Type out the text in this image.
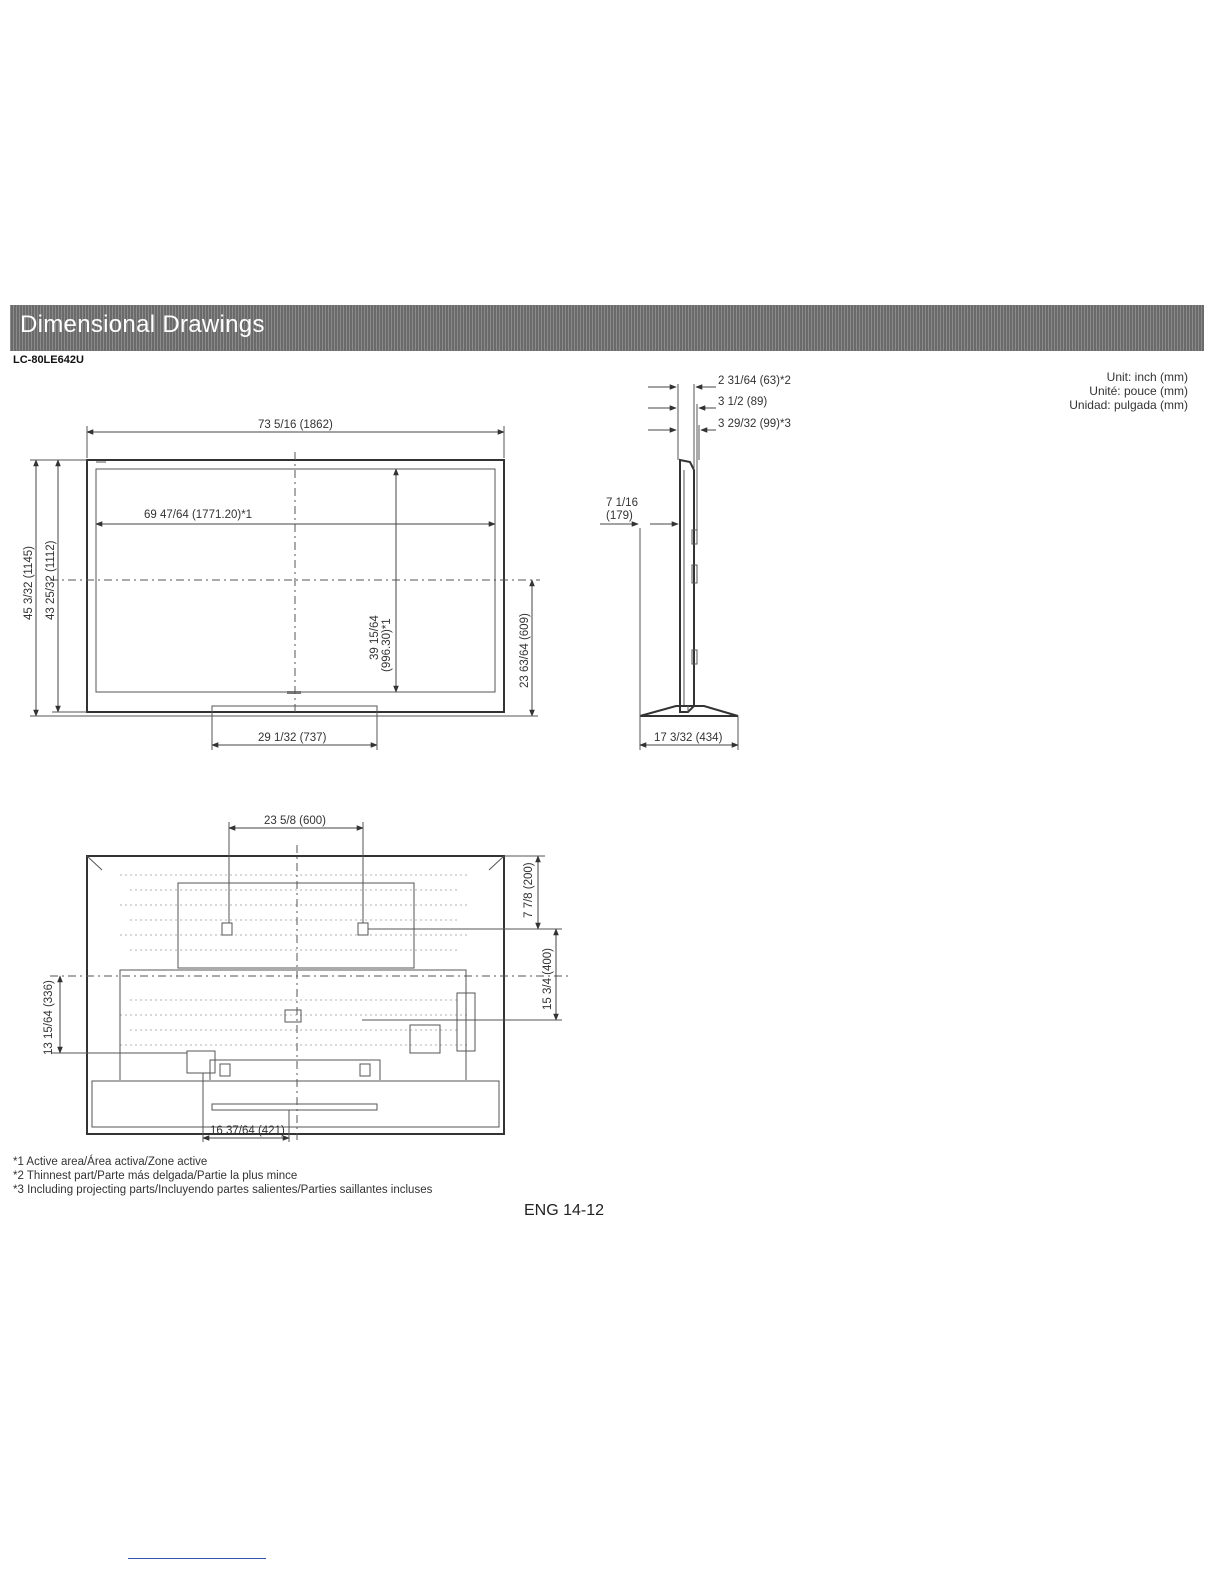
Dimensional Drawings
LC-80LE642U
Unit: inch (mm)
Unité: pouce (mm)
Unidad: pulgada (mm)
73 5/16 (1862)
69 47/64 (1771.20)*1
45 3/32 (1145) 43 25/32 (1112)
39 15/64 (996.30)*1	23 63/64 (609)
29 1/32 (737)
2 31/64 (63)*2
3 1/2 (89)
3 29/32 (99)*3
7 1/16
(179)
17 3/32 (434)
23 5/8 (600)
7 7/8 (200)
15 3/4 (400)
13 15/64 (336)
16 37/64 (421)
*1 Active area/Área activa/Zone active
*2 Thinnest part/Parte más delgada/Partie la plus mince
*3 Including projecting parts/Incluyendo partes salientes/Parties saillantes incluses
ENG 14-12
